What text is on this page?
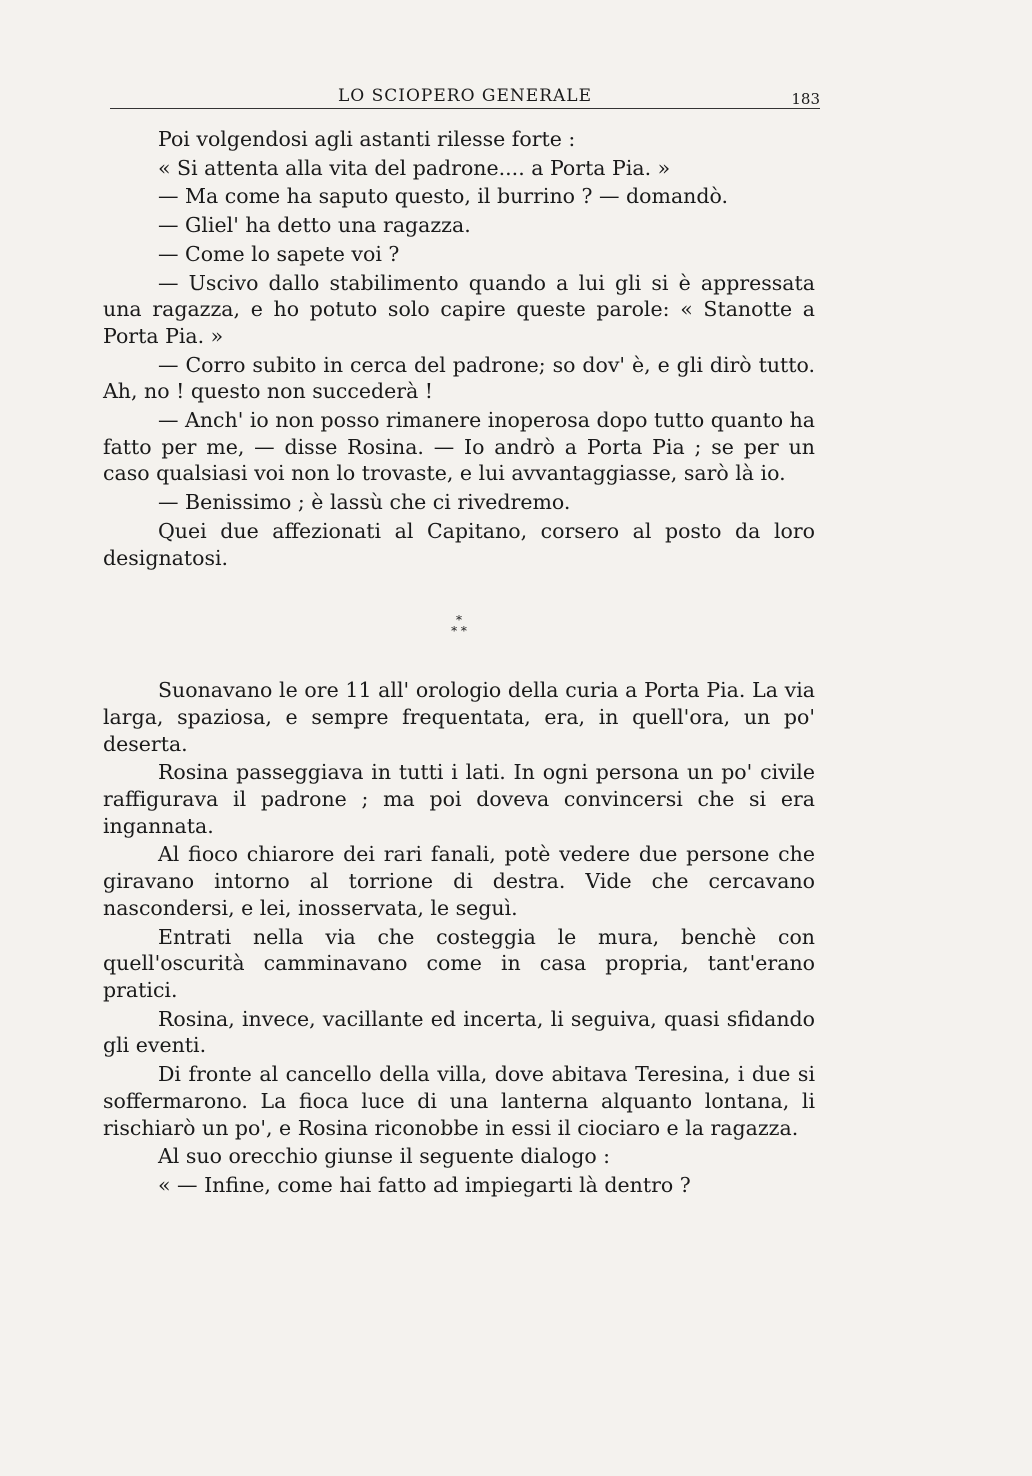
LO SCIOPERO GENERALE	183

Poi volgendosi agli astanti rilesse forte :

« Si attenta alla vita del padrone.... a Porta Pia. »

— Ma come ha saputo questo, il burrino ? — domandò.

— Gliel' ha detto una ragazza.

— Come lo sapete voi ?

— Uscivo dallo stabilimento quando a lui gli si è appressata una ragazza, e ho potuto solo capire queste parole: « Stanotte a Porta Pia. »

— Corro subito in cerca del padrone; so dov' è, e gli dirò tutto. Ah, no ! questo non succederà !

— Anch' io non posso rimanere inoperosa dopo tutto quanto ha fatto per me, — disse Rosina. — Io andrò a Porta Pia ; se per un caso qualsiasi voi non lo trovaste, e lui avvantaggiasse, sarò là io.

— Benissimo ; è lassù che ci rivedremo.

Quei due affezionati al Capitano, corsero al posto da loro designatosi.

*
* *

Suonavano le ore 11 all' orologio della curia a Porta Pia. La via larga, spaziosa, e sempre frequentata, era, in quell'ora, un po' deserta.

Rosina passeggiava in tutti i lati. In ogni persona un po' civile raffigurava il padrone ; ma poi doveva convincersi che si era ingannata.

Al fioco chiarore dei rari fanali, potè vedere due persone che giravano intorno al torrione di destra. Vide che cercavano nascondersi, e lei, inosservata, le seguì.

Entrati nella via che costeggia le mura, benchè con quell'oscurità camminavano come in casa propria, tant'erano pratici.

Rosina, invece, vacillante ed incerta, li seguiva, quasi sfidando gli eventi.

Di fronte al cancello della villa, dove abitava Teresina, i due si soffermarono. La fioca luce di una lanterna alquanto lontana, li rischiarò un po', e Rosina riconobbe in essi il ciociaro e la ragazza.

Al suo orecchio giunse il seguente dialogo :

« — Infine, come hai fatto ad impiegarti là dentro ?
